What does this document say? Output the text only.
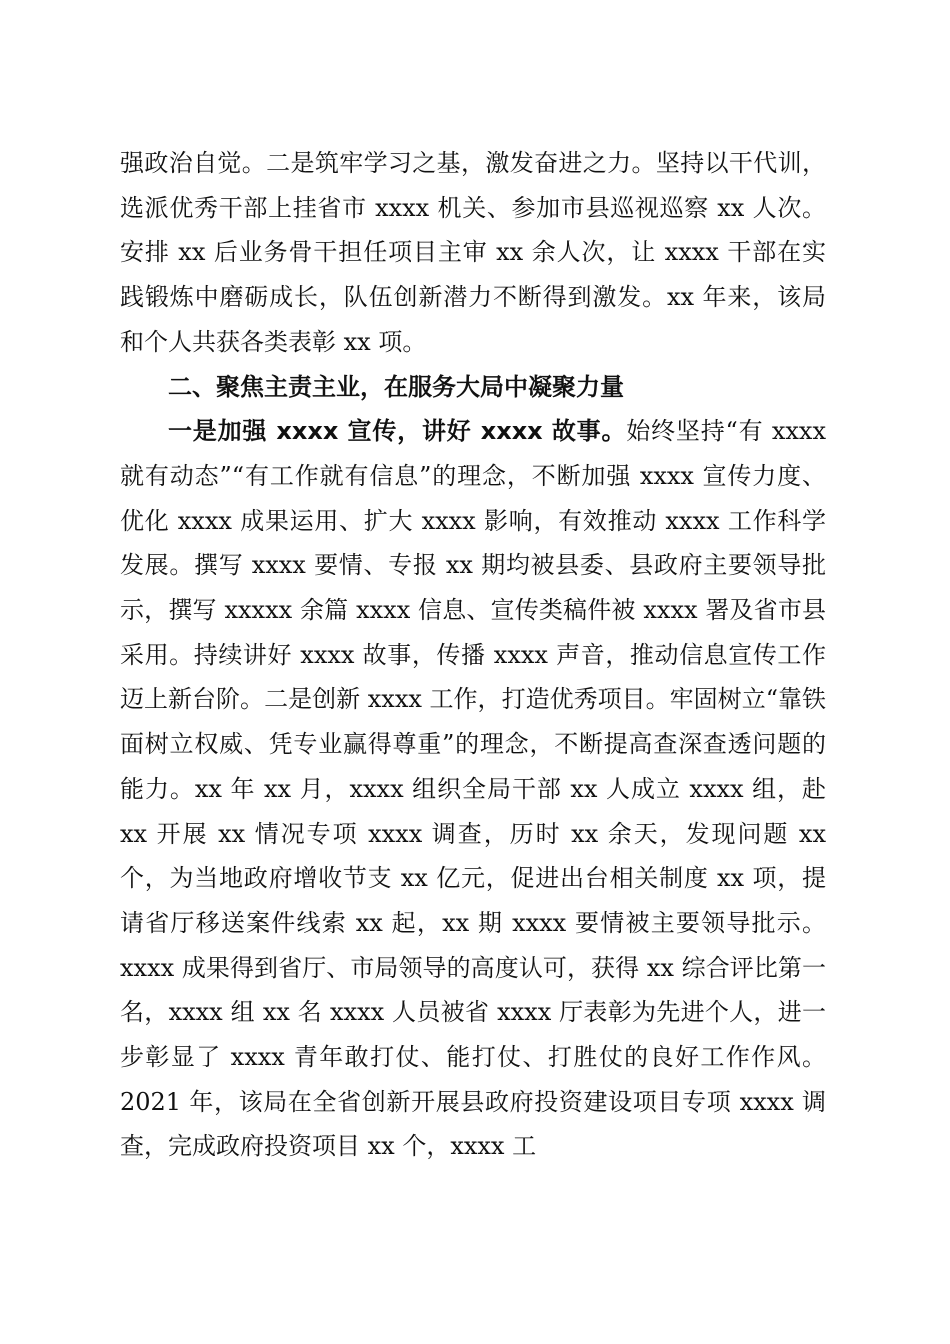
强政治自觉。二是筑牢学习之基，激发奋进之力。坚持以干代训，选派优秀干部上挂省市 xxxx 机关、参加市县巡视巡察 xx 人次。安排 xx 后业务骨干担任项目主审 xx 余人次，让 xxxx 干部在实践锻炼中磨砺成长，队伍创新潜力不断得到激发。xx 年来，该局和个人共获各类表彰 xx 项。

二、聚焦主责主业，在服务大局中凝聚力量

一是加强 xxxx 宣传，讲好 xxxx 故事。始终坚持“有 xxxx 就有动态”“有工作就有信息”的理念，不断加强 xxxx 宣传力度、优化 xxxx 成果运用、扩大 xxxx 影响，有效推动 xxxx 工作科学发展。撰写 xxxx 要情、专报 xx 期均被县委、县政府主要领导批示，撰写 xxxxx 余篇 xxxx 信息、宣传类稿件被 xxxx 署及省市县采用。持续讲好 xxxx 故事，传播 xxxx 声音，推动信息宣传工作迈上新台阶。二是创新 xxxx 工作，打造优秀项目。牢固树立“靠铁面树立权威、凭专业赢得尊重”的理念，不断提高查深查透问题的能力。xx 年 xx 月，xxxx 组织全局干部 xx 人成立 xxxx 组，赴 xx 开展 xx 情况专项 xxxx 调查，历时 xx 余天，发现问题 xx 个，为当地政府增收节支 xx 亿元，促进出台相关制度 xx 项，提请省厅移送案件线索 xx 起，xx 期 xxxx 要情被主要领导批示。xxxx 成果得到省厅、市局领导的高度认可，获得 xx 综合评比第一名，xxxx 组 xx 名 xxxx 人员被省 xxxx 厅表彰为先进个人，进一步彰显了 xxxx 青年敢打仗、能打仗、打胜仗的良好工作作风。2021 年，该局在全省创新开展县政府投资建设项目专项 xxxx 调查，完成政府投资项目 xx 个，xxxx 工
